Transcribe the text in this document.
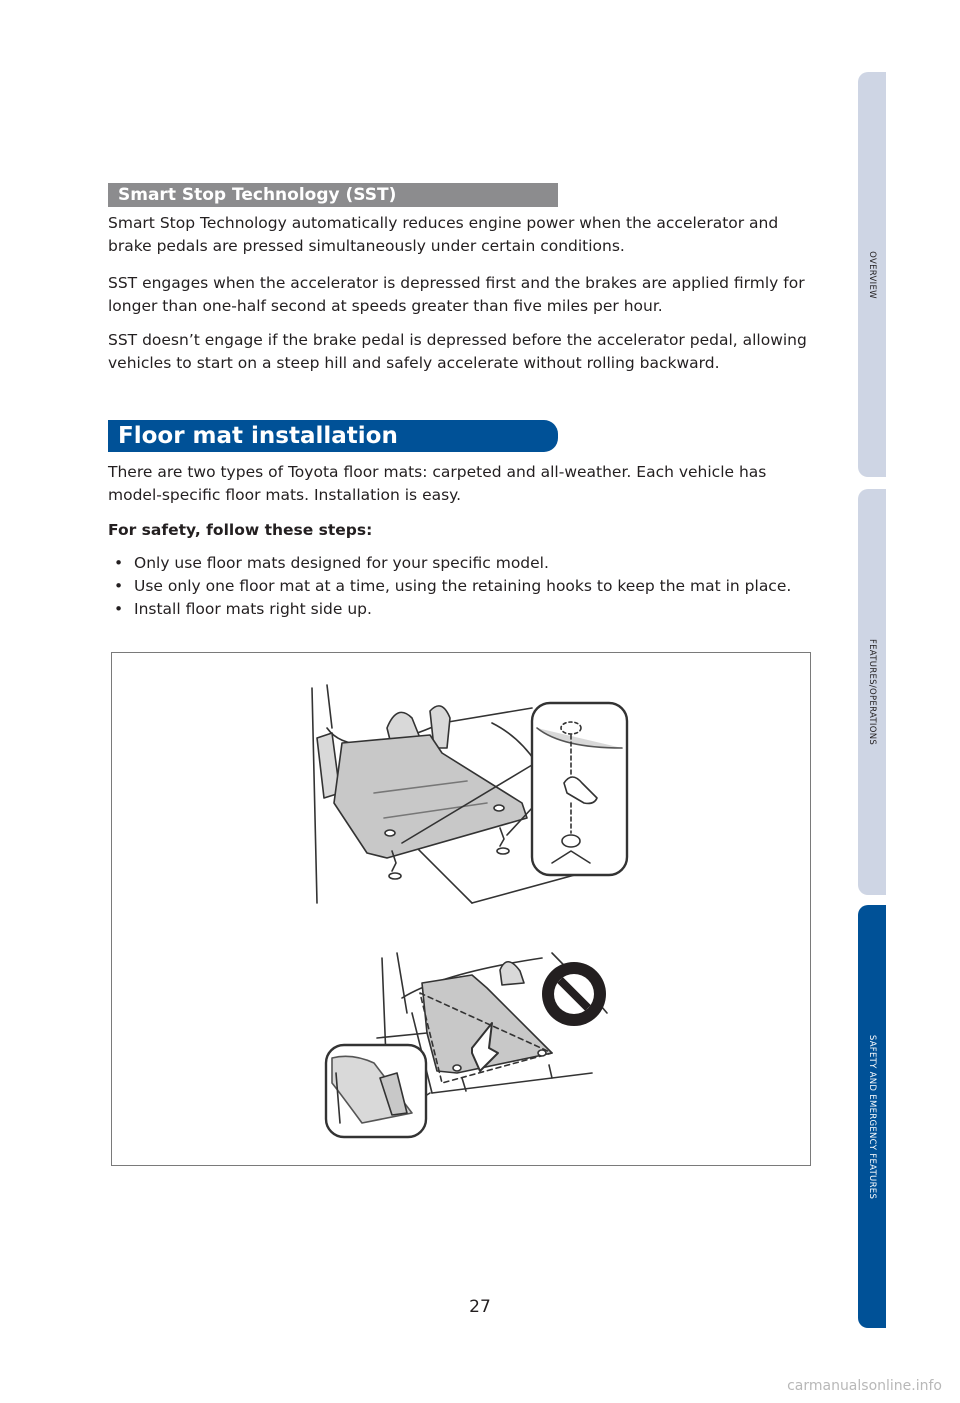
OVERVIEW
FEATURES/OPERATIONS
SAFETY AND EMERGENCY FEATURES
Smart Stop Technology (SST)

Smart Stop Technology automatically reduces engine power when the accelerator and brake pedals are pressed simultaneously under certain conditions.

SST engages when the accelerator is depressed first and the brakes are applied firmly for longer than one-half second at speeds greater than five miles per hour.

SST doesn’t engage if the brake pedal is depressed before the accelerator pedal, allowing vehicles to start on a steep hill and safely accelerate without rolling backward.

Floor mat installation

There are two types of Toyota floor mats: carpeted and all-weather. Each vehicle has model-specific floor mats. Installation is easy.

For safety, follow these steps:

• Only use floor mats designed for your specific model.
• Use only one floor mat at a time, using the retaining hooks to keep the mat in place.
• Install floor mats right side up.
27
carmanualsonline.info
